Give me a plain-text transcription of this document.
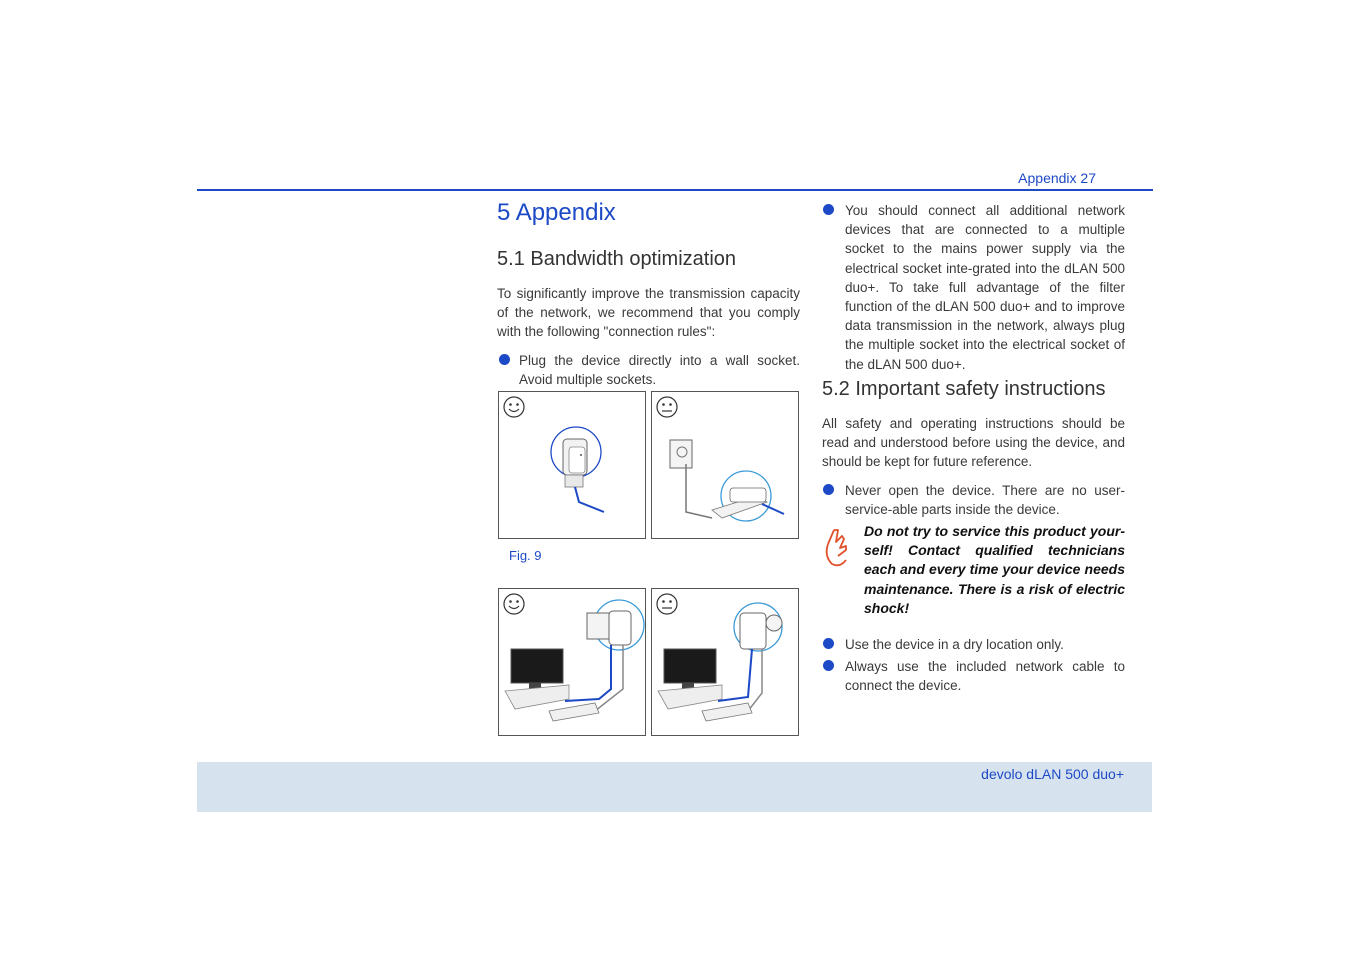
Appendix 27
5 Appendix
5.1 Bandwidth optimization
To significantly improve the transmission capacity of the network, we recommend that you comply with the following "connection rules":
Plug the device directly into a wall socket. Avoid multiple sockets.
Fig. 9
You should connect all additional network devices that are connected to a multiple socket to the mains power supply via the electrical socket inte-grated into the dLAN 500 duo+. To take full advantage of the filter function of the dLAN 500 duo+ and to improve data transmission in the network, always plug the multiple socket into the electrical socket of the dLAN 500 duo+.
5.2 Important safety instructions
All safety and operating instructions should be read and understood before using the device, and should be kept for future reference.
Never open the device. There are no user-service-able parts inside the device.
Do not try to service this product your-self! Contact qualified technicians each and every time your device needs maintenance. There is a risk of electric shock!
Use the device in a dry location only.
Always use the included network cable to connect the device.
devolo dLAN 500 duo+
